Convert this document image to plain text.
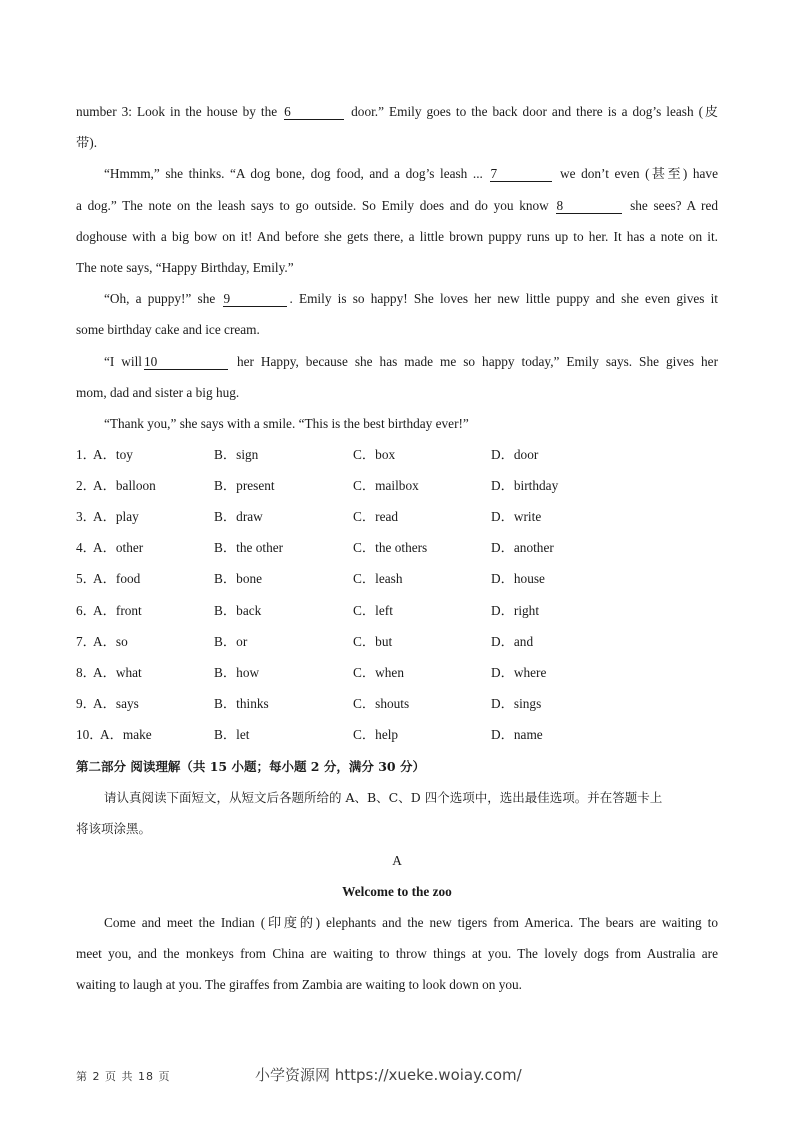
number 3: Look in the house by the 6	door.” Emily goes to the back door and there is a dog’s leash (皮
带).
“Hmmm,” she thinks. “A dog bone, dog food, and a dog’s leash ... 7	we don’t even (甚至) have
a dog.” The note on the leash says to go outside. So Emily does and do you know 8	she sees? A red
doghouse with a big bow on it! And before she gets there, a little brown puppy runs up to her. It has a note on it.
The note says, “Happy Birthday, Emily.”
“Oh, a puppy!” she 9	. Emily is so happy! She loves her new little puppy and she even gives it
some birthday cake and ice cream.
“I will 10	her Happy, because she has made me so happy today,” Emily says. She gives her
mom, dad and sister a big hug.
“Thank you,” she says with a smile. “This is the best birthday ever!”
1．
A．toy	B．sign	C．box	D．door
2．
A．balloon	B．present	C．mailbox	D．birthday
3．
A．play	B．draw	C．read	D．write
4．
A．other	B．the other	C．the others	D．another
5．
A．food	B．bone	C．leash	D．house
6．
A．front	B．back	C．left	D．right
7．
A．so	B．or	C．but	D．and
8．
A．what	B．how	C．when	D．where
9．
A．says	B．thinks	C．shouts	D．sings
10．
A．make	B．let	C．help	D．name
第二部分 阅读理解（共 15 小题；每小题 2 分，满分 30 分）
请认真阅读下面短文，从短文后各题所给的 A、B、C、D 四个选项中，选出最佳选项。并在答题卡上
将该项涂黑。
A
Welcome to the zoo
Come and meet the Indian (印度的) elephants and the new tigers from America. The bears are waiting to
meet you, and the monkeys from China are waiting to throw things at you. The lovely dogs from Australia are
waiting to laugh at you. The giraffes from Zambia are waiting to look down on you.
第 2 页 共 18 页	小学资源网 https://xueke.woiay.com/
